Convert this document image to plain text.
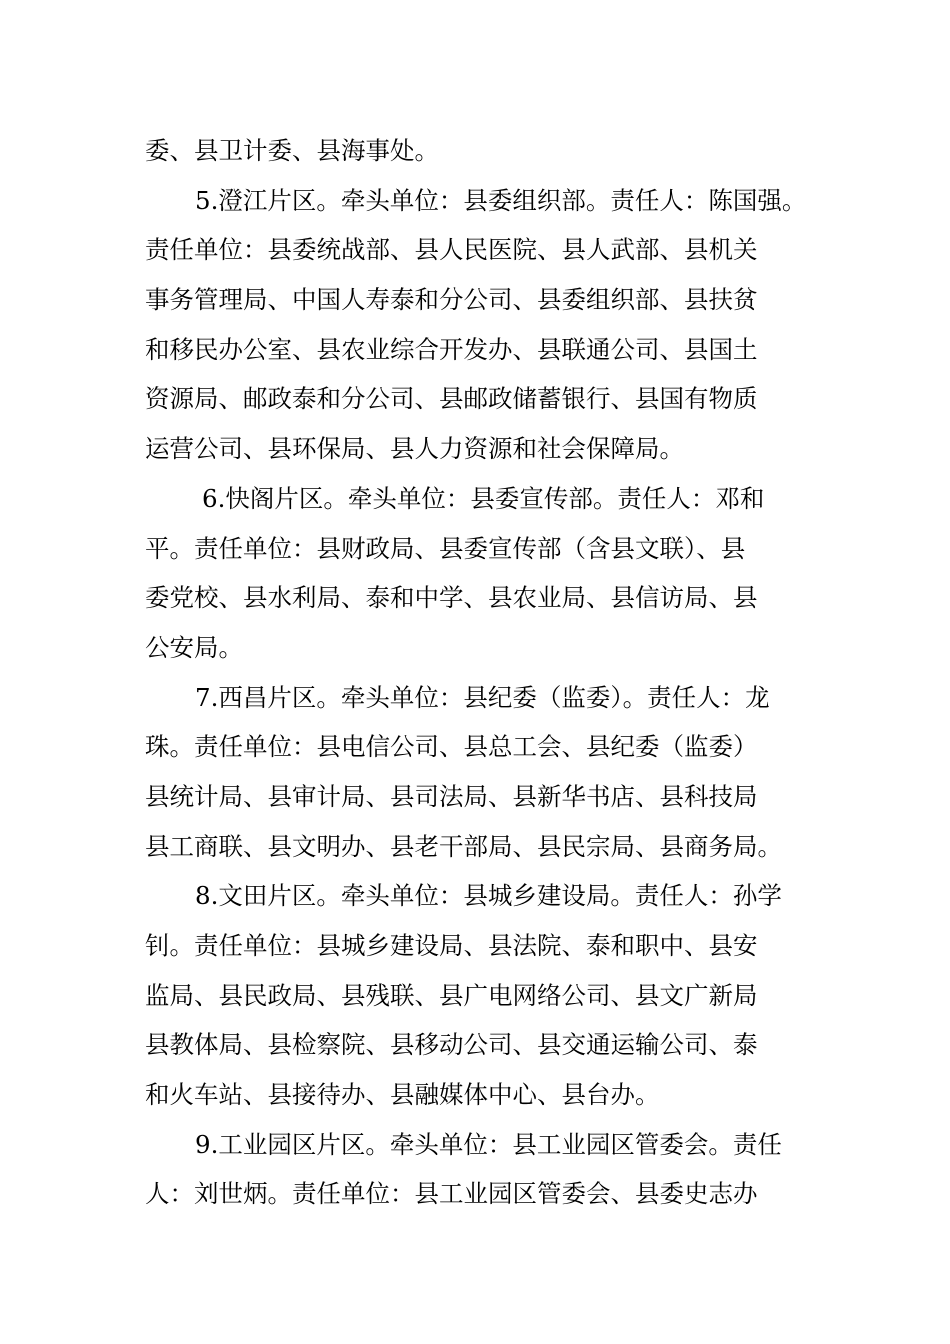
委、县卫计委、县海事处。
5.澄江片区。牵头单位：县委组织部。责任人：陈国强。
责任单位：县委统战部、县人民医院、县人武部、县机关
事务管理局、中国人寿泰和分公司、县委组织部、县扶贫
和移民办公室、县农业综合开发办、县联通公司、县国土
资源局、邮政泰和分公司、县邮政储蓄银行、县国有物质
运营公司、县环保局、县人力资源和社会保障局。
6.快阁片区。牵头单位：县委宣传部。责任人：邓和
平。责任单位：县财政局、县委宣传部（含县文联）、县
委党校、县水利局、泰和中学、县农业局、县信访局、县
公安局。
7.西昌片区。牵头单位：县纪委（监委）。责任人：龙
珠。责任单位：县电信公司、县总工会、县纪委（监委）
县统计局、县审计局、县司法局、县新华书店、县科技局
县工商联、县文明办、县老干部局、县民宗局、县商务局。
8.文田片区。牵头单位：县城乡建设局。责任人：孙学
钊。责任单位：县城乡建设局、县法院、泰和职中、县安
监局、县民政局、县残联、县广电网络公司、县文广新局
县教体局、县检察院、县移动公司、县交通运输公司、泰
和火车站、县接待办、县融媒体中心、县台办。
9.工业园区片区。牵头单位：县工业园区管委会。责任
人：刘世炳。责任单位：县工业园区管委会、县委史志办
